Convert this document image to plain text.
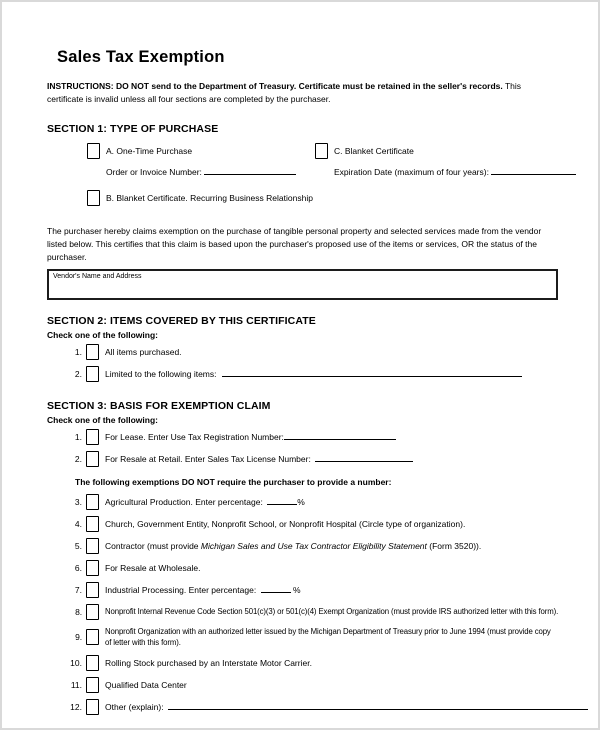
Sales Tax Exemption
INSTRUCTIONS: DO NOT send to the Department of Treasury. Certificate must be retained in the seller's records. This certificate is invalid unless all four sections are completed by the purchaser.
SECTION 1: TYPE OF PURCHASE
A. One-Time Purchase
Order or Invoice Number:
C. Blanket Certificate
Expiration Date (maximum of four years):
B. Blanket Certificate. Recurring Business Relationship
The purchaser hereby claims exemption on the purchase of tangible personal property and selected services made from the vendor listed below. This certifies that this claim is based upon the purchaser's proposed use of the items or services, OR the status of the purchaser.
Vendor's Name and Address
SECTION 2: ITEMS COVERED BY THIS CERTIFICATE
Check one of the following:
1.	All items purchased.
2.	Limited to the following items:
SECTION 3: BASIS FOR EXEMPTION CLAIM
Check one of the following:
1.	For Lease. Enter Use Tax Registration Number:
2.	For Resale at Retail. Enter Sales Tax License Number:
The following exemptions DO NOT require the purchaser to provide a number:
3.	Agricultural Production. Enter percentage:	%
4.	Church, Government Entity, Nonprofit School, or Nonprofit Hospital (Circle type of organization).
5.	Contractor (must provide Michigan Sales and Use Tax Contractor Eligibility Statement (Form 3520)).
6.	For Resale at Wholesale.
7.	Industrial Processing. Enter percentage:	%
8.	Nonprofit Internal Revenue Code Section 501(c)(3) or 501(c)(4) Exempt Organization (must provide IRS authorized letter with this form).
9.
Nonprofit Organization with an authorized letter issued by the Michigan Department of Treasury prior to June 1994 (must provide copy of letter with this form).
10.	Rolling Stock purchased by an Interstate Motor Carrier.
11.	Qualified Data Center
12.	Other (explain):
